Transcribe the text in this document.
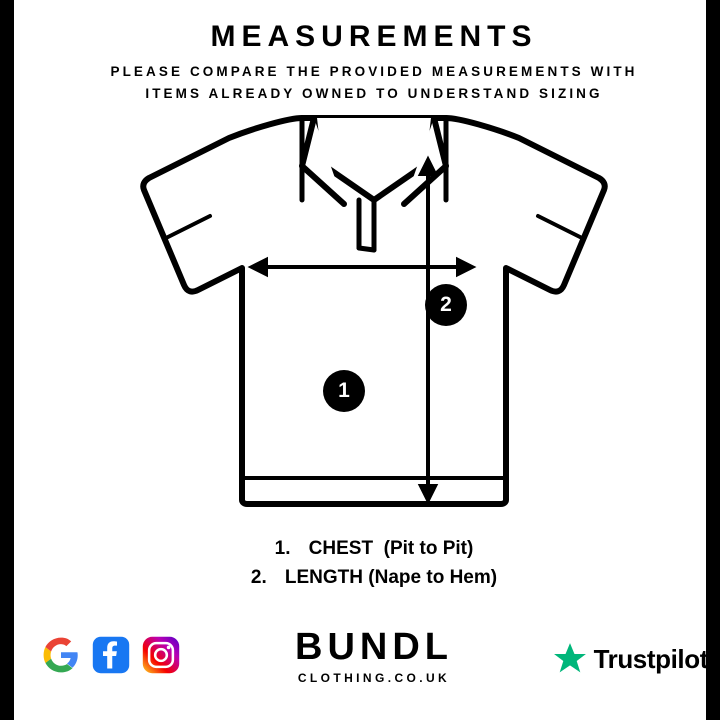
MEASUREMENTS
PLEASE COMPARE THE PROVIDED MEASUREMENTS WITH
ITEMS ALREADY OWNED TO UNDERSTAND SIZING
1
2
1. CHEST (Pit to Pit)
2. LENGTH (Nape to Hem)
BUNDL
CLOTHING.CO.UK
Trustpilot
